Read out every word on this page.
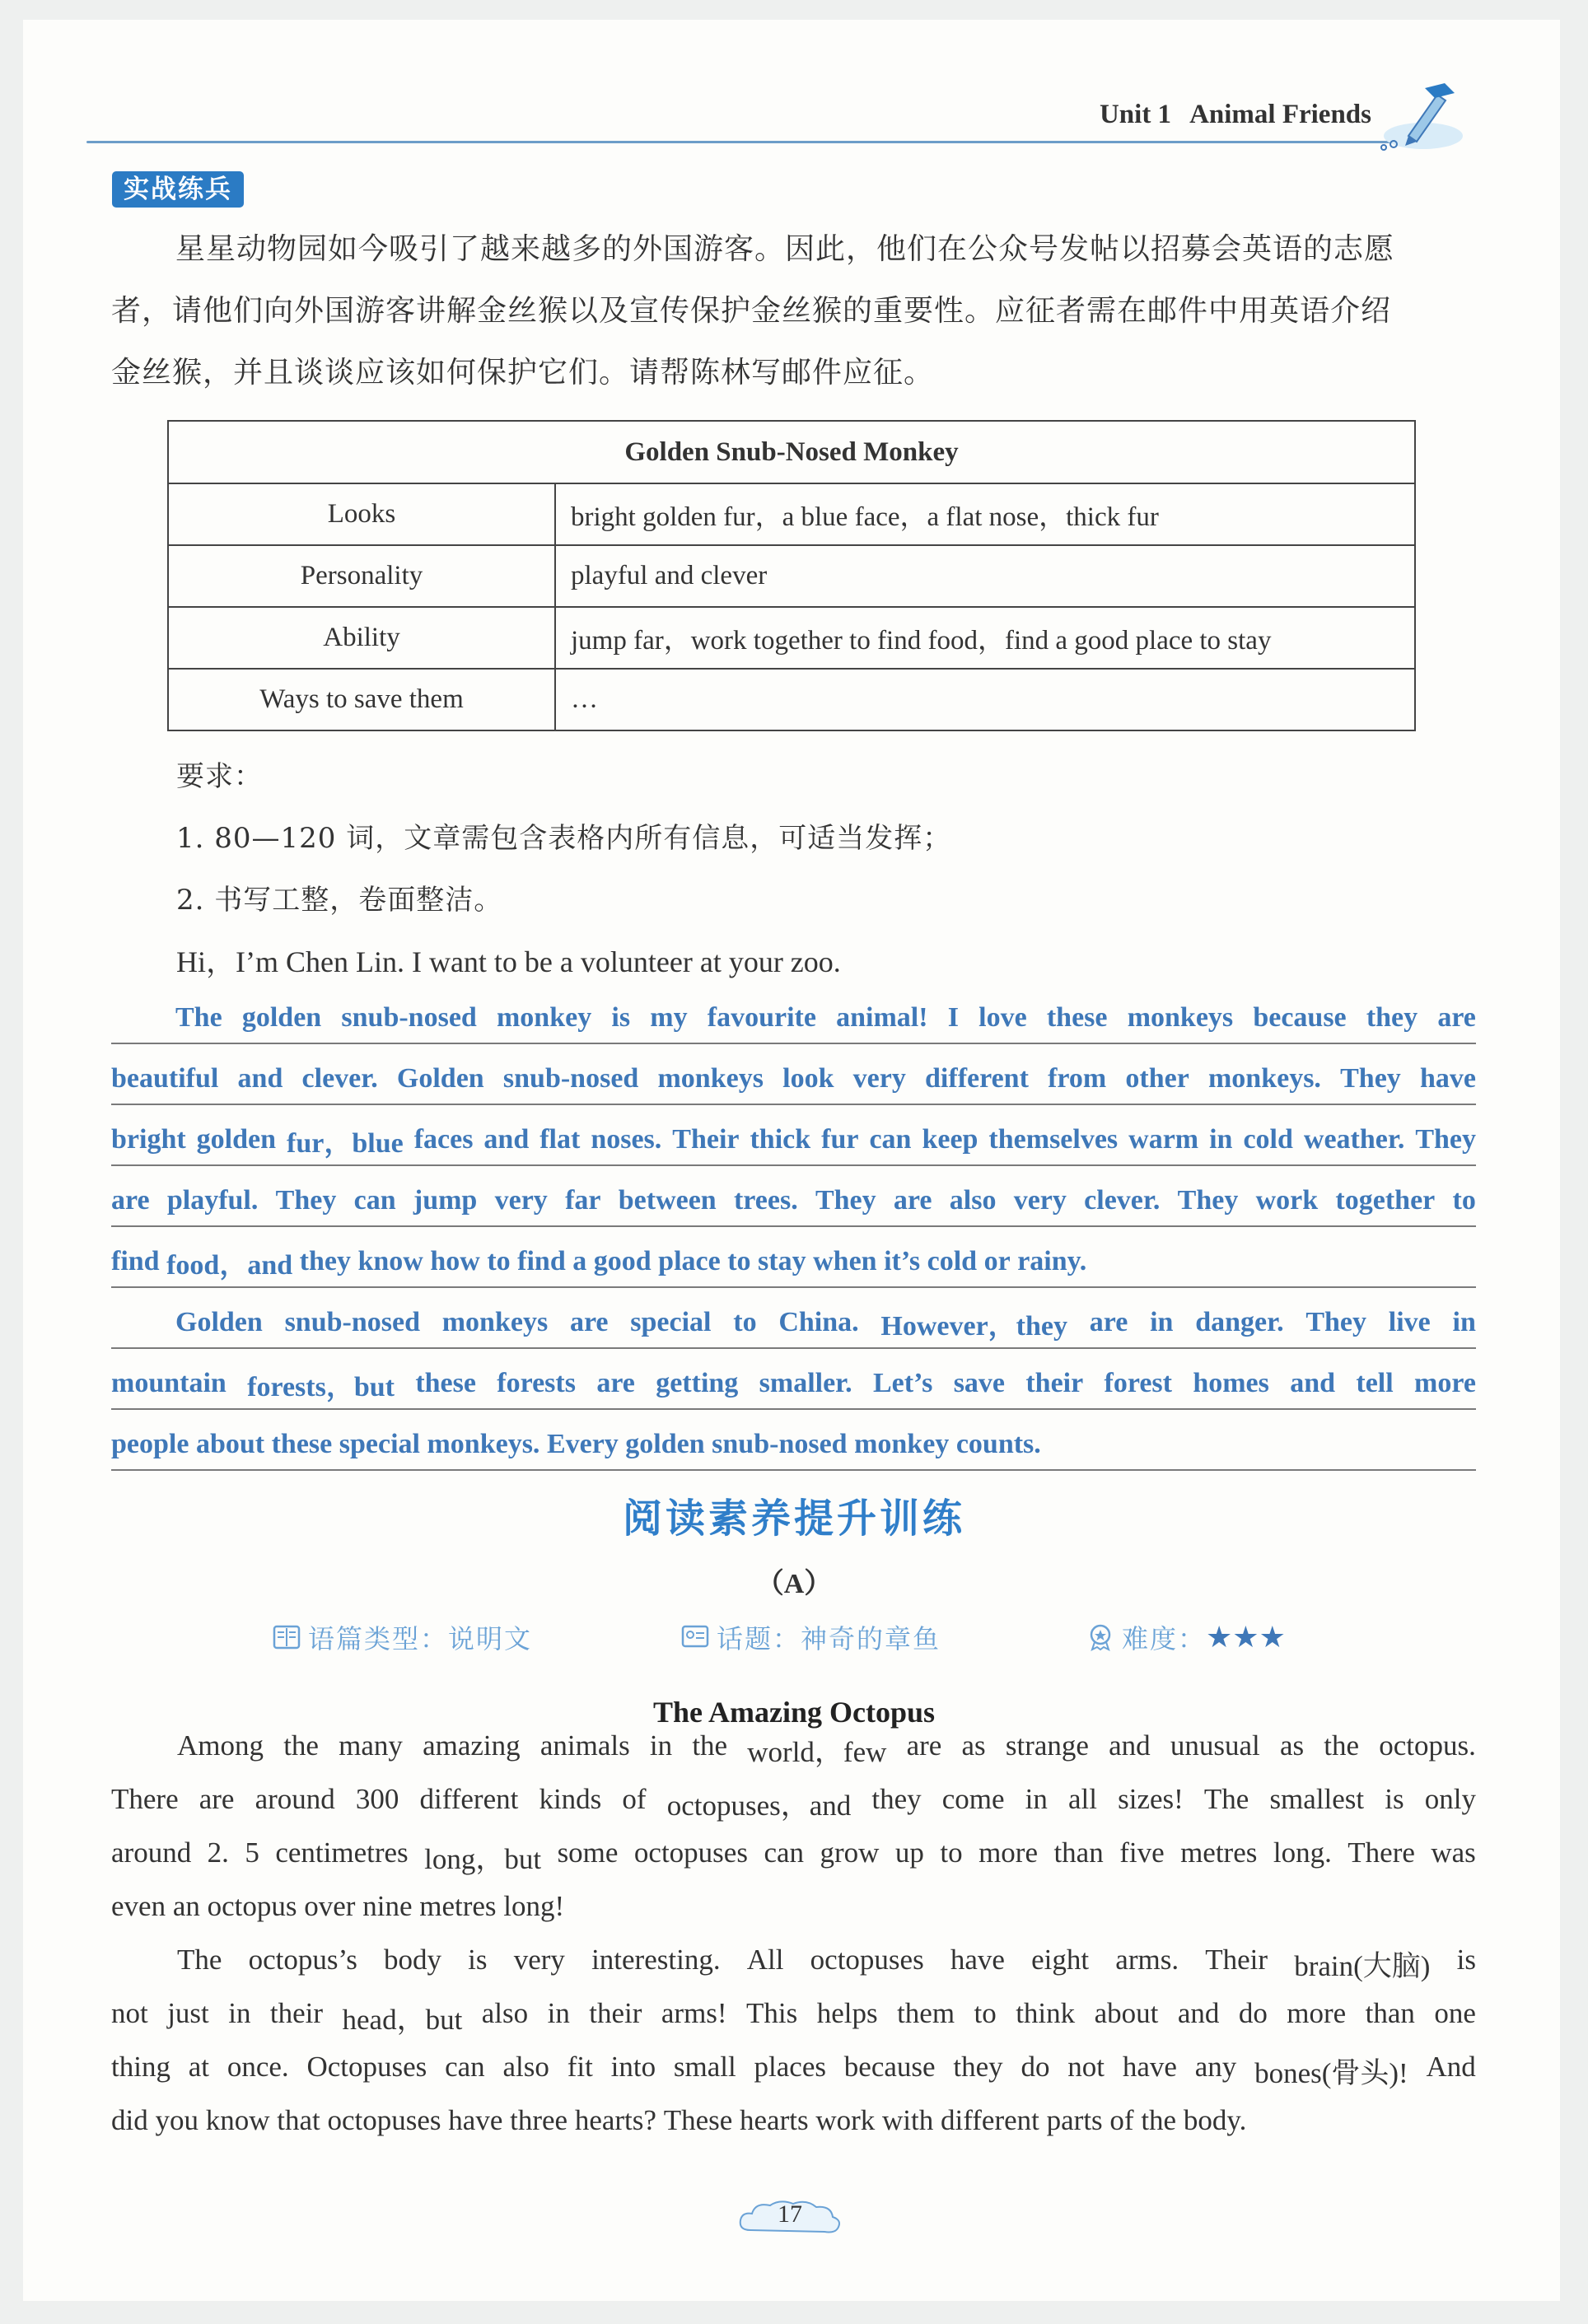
Unit 1 Animal Friends
实战练兵
星星动物园如今吸引了越来越多的外国游客。因此，他们在公众号发帖以招募会英语的志愿
者，请他们向外国游客讲解金丝猴以及宣传保护金丝猴的重要性。应征者需在邮件中用英语介绍
金丝猴，并且谈谈应该如何保护它们。请帮陈林写邮件应征。
Golden Snub-Nosed Monkey	
Looks	bright golden fur，a blue face，a flat nose，thick fur
Personality	playful and clever
Ability	jump far，work together to find food，find a good place to stay
Ways to save them	…
要求：
1. 80—120 词，文章需包含表格内所有信息，可适当发挥；
2. 书写工整，卷面整洁。
Hi，I’m Chen Lin. I want to be a volunteer at your zoo.
The golden snub-nosed monkey is my favourite animal! I love these monkeys because they are
beautiful and clever. Golden snub-nosed monkeys look very different from other monkeys. They have
bright golden fur，blue faces and flat noses. Their thick fur can keep themselves warm in cold weather. They
are playful. They can jump very far between trees. They are also very clever. They work together to
find food，and they know how to find a good place to stay when it’s cold or rainy.
Golden snub-nosed monkeys are special to China. However，they are in danger. They live in
mountain forests，but these forests are getting smaller. Let’s save their forest homes and tell more
people about these special monkeys. Every golden snub-nosed monkey counts.
阅读素养提升训练
（A）
语篇类型：说明文	话题：神奇的章鱼	难度： ★★★
The Amazing Octopus
Among the many amazing animals in the world，few are as strange and unusual as the octopus.
There are around 300 different kinds of octopuses，and they come in all sizes! The smallest is only
around 2. 5 centimetres long，but some octopuses can grow up to more than five metres long. There was
even an octopus over nine metres long!
The octopus’s body is very interesting. All octopuses have eight arms. Their brain(大脑) is
not just in their head，but also in their arms! This helps them to think about and do more than one
thing at once. Octopuses can also fit into small places because they do not have any bones(骨头)! And
did you know that octopuses have three hearts? These hearts work with different parts of the body.
17
